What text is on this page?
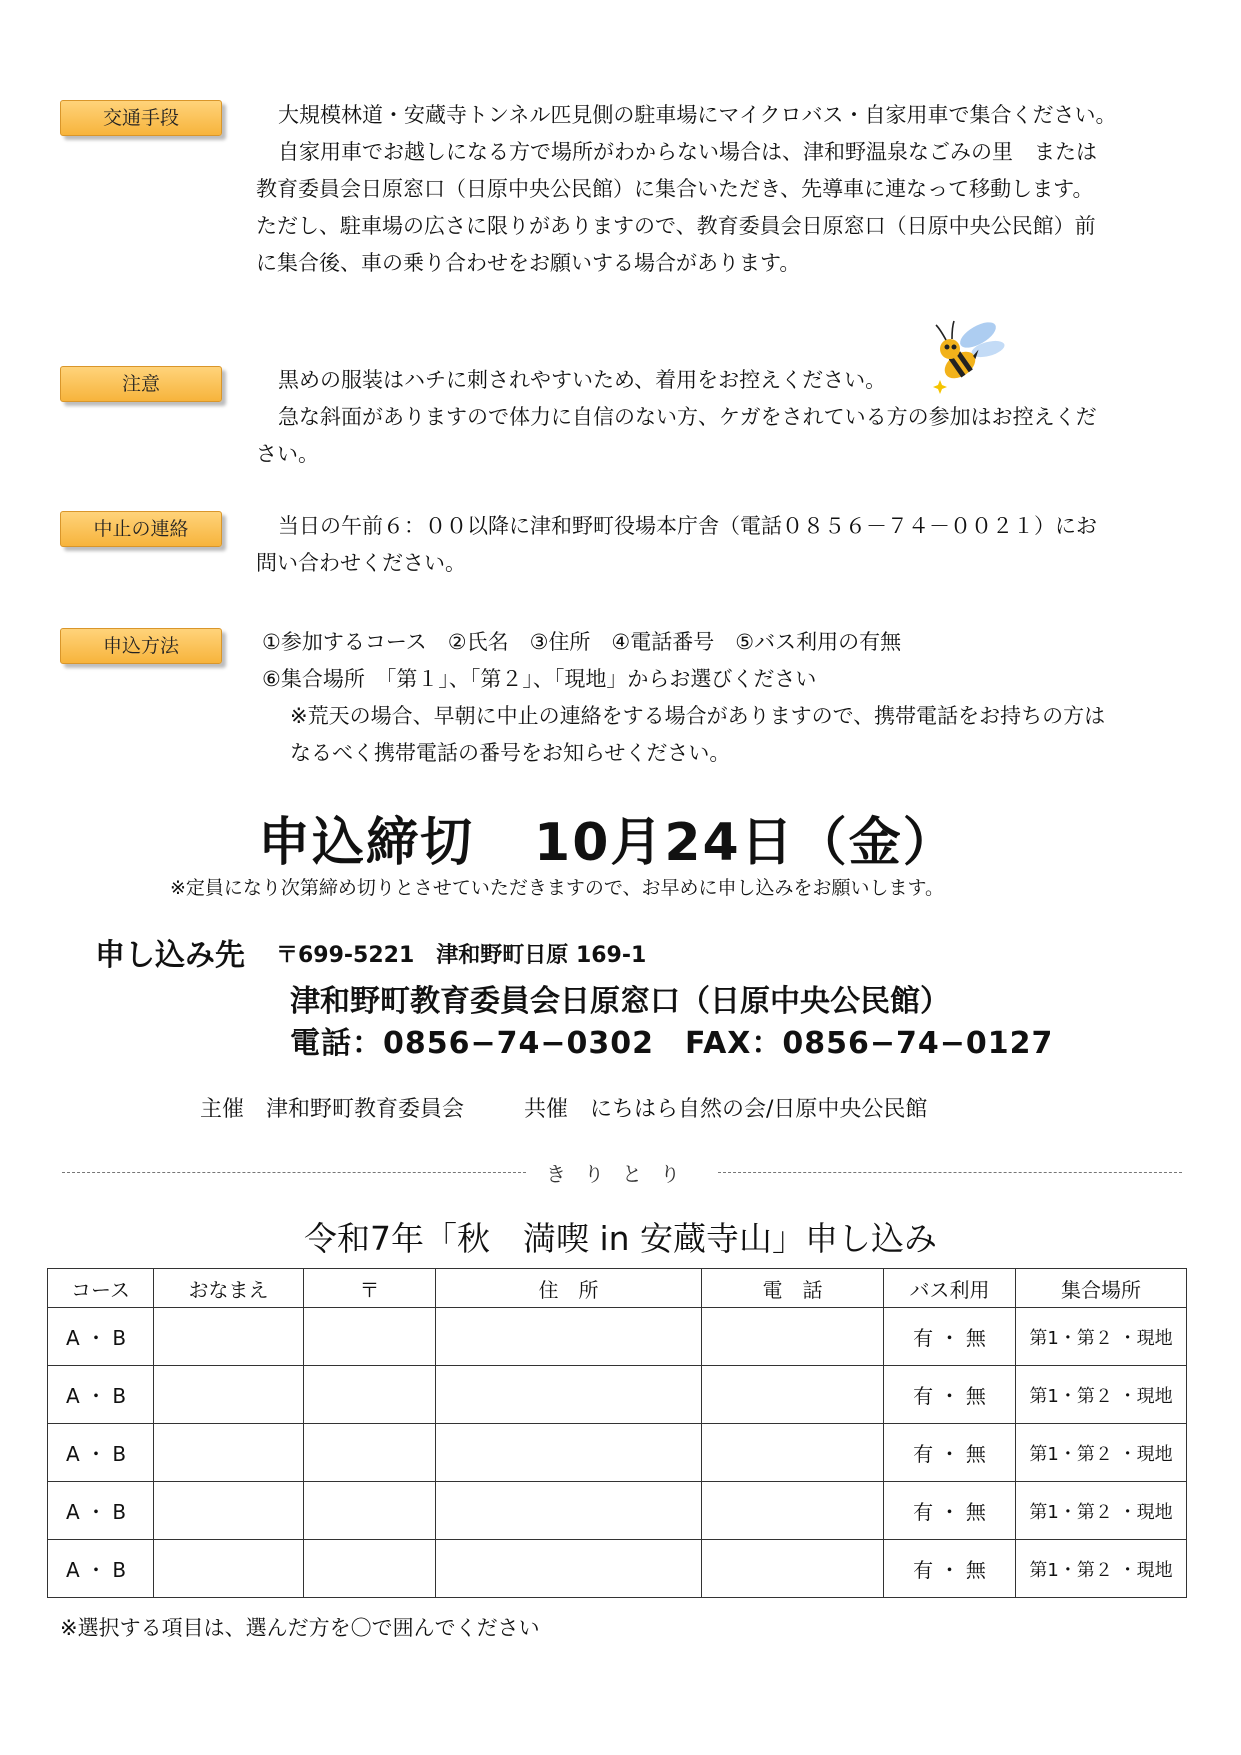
交通手段	大規模林道・安蔵寺トンネル匹見側の駐車場にマイクロバス・自家用車で集合ください。
自家用車でお越しになる方で場所がわからない場合は、津和野温泉なごみの里　または
教育委員会日原窓口（日原中央公民館）に集合いただき、先導車に連なって移動します。
ただし、駐車場の広さに限りがありますので、教育委員会日原窓口（日原中央公民館）前
に集合後、車の乗り合わせをお願いする場合があります。
注意	黒めの服装はハチに刺されやすいため、着用をお控えください。
急な斜面がありますので体力に自信のない方、ケガをされている方の参加はお控えくだ
さい。
中止の連絡	当日の午前６：００以降に津和野町役場本庁舎（電話０８５６－７４－００２１）にお
問い合わせください。
申込方法	①参加するコース　②氏名　③住所　④電話番号　⑤バス利用の有無
⑥集合場所　「第１」、「第２」、「現地」からお選びください
※荒天の場合、早朝に中止の連絡をする場合がありますので、携帯電話をお持ちの方は
なるべく携帯電話の番号をお知らせください。
申込締切 10月24日（金）
※定員になり次第締め切りとさせていただきますので、お早めに申し込みをお願いします。
申し込み先 〒699-5221　津和野町日原 169-1
津和野町教育委員会日原窓口（日原中央公民館）
電話：0856−74−0302　FAX：0856−74−0127
主催　津和野町教育委員会	共催　にちはら自然の会/日原中央公民館
きりとり
令和7年「秋　満喫 in 安蔵寺山」申し込み
コース	おなまえ	〒	住　所	電　話	バス利用	集合場所
A ・ B					有 ・ 無	第1・第２ ・現地
A ・ B					有 ・ 無	第1・第２ ・現地
A ・ B					有 ・ 無	第1・第２ ・現地
A ・ B					有 ・ 無	第1・第２ ・現地
A ・ B					有 ・ 無	第1・第２ ・現地
※選択する項目は、選んだ方を〇で囲んでください
